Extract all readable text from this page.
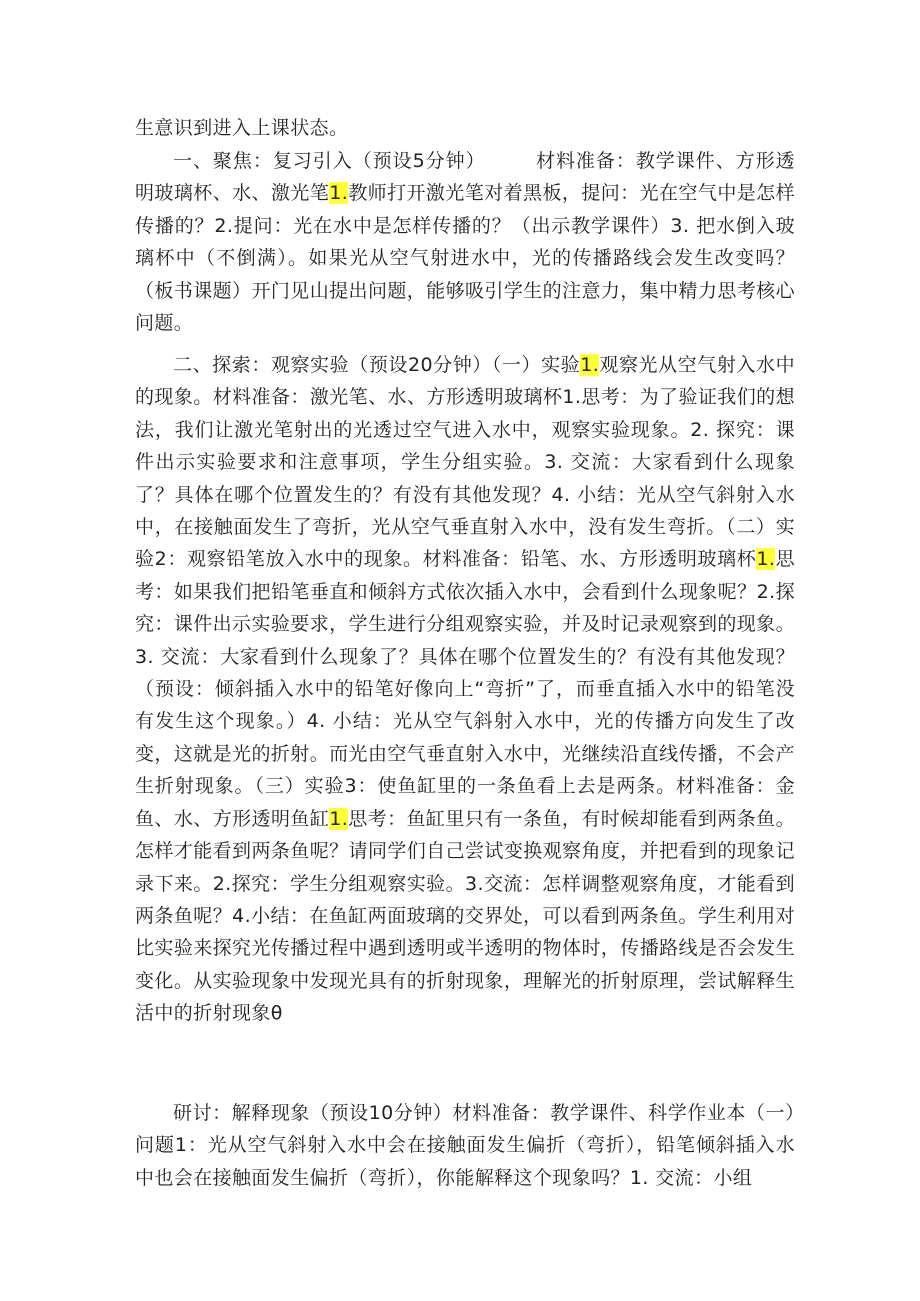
生意识到进入上课状态。

一、聚焦：复习引入（预设5分钟）　　　材料准备：教学课件、方形透明玻璃杯、水、激光笔1.教师打开激光笔对着黑板，提问：光在空气中是怎样传播的？2.提问：光在水中是怎样传播的？（出示教学课件）3. 把水倒入玻璃杯中（不倒满）。如果光从空气射进水中，光的传播路线会发生改变吗？（板书课题）开门见山提出问题，能够吸引学生的注意力，集中精力思考核心问题。

二、探索：观察实验（预设20分钟）（一）实验1.观察光从空气射入水中的现象。材料准备：激光笔、水、方形透明玻璃杯1.思考：为了验证我们的想法，我们让激光笔射出的光透过空气进入水中，观察实验现象。2. 探究：课件出示实验要求和注意事项，学生分组实验。3. 交流：大家看到什么现象了？具体在哪个位置发生的？有没有其他发现？4. 小结：光从空气斜射入水中，在接触面发生了弯折，光从空气垂直射入水中，没有发生弯折。（二）实验2：观察铅笔放入水中的现象。材料准备：铅笔、水、方形透明玻璃杯1.思考：如果我们把铅笔垂直和倾斜方式依次插入水中，会看到什么现象呢？2.探究：课件出示实验要求，学生进行分组观察实验，并及时记录观察到的现象。3. 交流：大家看到什么现象了？具体在哪个位置发生的？有没有其他发现？（预设：倾斜插入水中的铅笔好像向上“弯折”了，而垂直插入水中的铅笔没有发生这个现象。）4. 小结：光从空气斜射入水中，光的传播方向发生了改变，这就是光的折射。而光由空气垂直射入水中，光继续沿直线传播，不会产生折射现象。（三）实验3：使鱼缸里的一条鱼看上去是两条。材料准备：金鱼、水、方形透明鱼缸1.思考：鱼缸里只有一条鱼，有时候却能看到两条鱼。怎样才能看到两条鱼呢？请同学们自己尝试变换观察角度，并把看到的现象记录下来。2.探究：学生分组观察实验。3.交流：怎样调整观察角度，才能看到两条鱼呢？4.小结：在鱼缸两面玻璃的交界处，可以看到两条鱼。学生利用对比实验来探究光传播过程中遇到透明或半透明的物体时，传播路线是否会发生变化。从实验现象中发现光具有的折射现象，理解光的折射原理，尝试解释生活中的折射现象θ

研讨：解释现象（预设10分钟）材料准备：教学课件、科学作业本（一）问题1：光从空气斜射入水中会在接触面发生偏折（弯折），铅笔倾斜插入水中也会在接触面发生偏折（弯折），你能解释这个现象吗？1. 交流：小组
